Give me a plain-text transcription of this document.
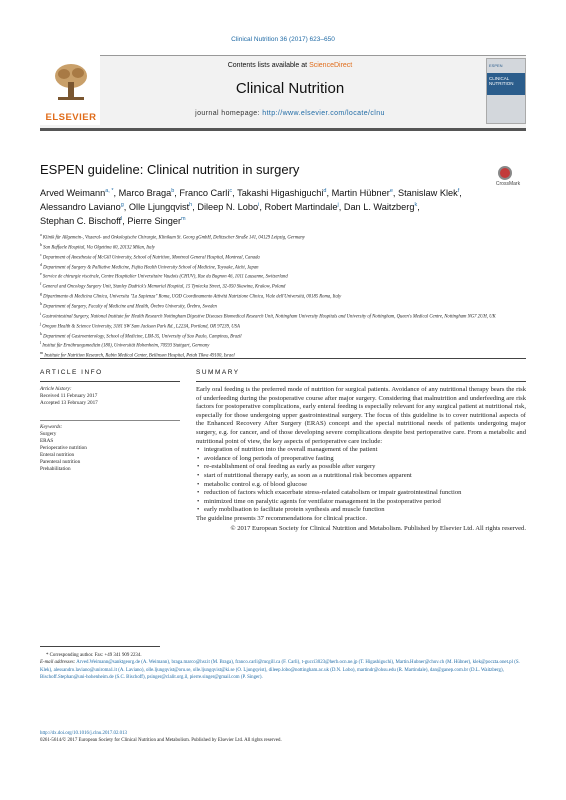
Clinical Nutrition 36 (2017) 623–650
ELSEVIER
Contents lists available at ScienceDirect
Clinical Nutrition
journal homepage: http://www.elsevier.com/locate/clnu
ESPEN
CLINICAL
NUTRITION
ESPEN guideline: Clinical nutrition in surgery
CrossMark
Arved Weimann$^{a, *}$, Marco Braga$^b$, Franco Carli$^c$, Takashi Higashiguchi$^d$, Martin Hübner$^e$, Stanislaw Klek$^f$, Alessandro Laviano$^g$, Olle Ljungqvist$^h$, Dileep N. Lobo$^i$, Robert Martindale$^j$, Dan L. Waitzberg$^k$, Stephan C. Bischoff$^l$, Pierre Singer$^m$
$^a$ Klinik für Allgemein-, Viszeral- und Onkologische Chirurgie, Klinikum St. Georg gGmbH, Delitzscher Straße 141, 04129 Leipzig, Germany
$^b$ San Raffaele Hospital, Via Olgettina 60, 20132 Milan, Italy
$^c$ Department of Anesthesia of McGill University, School of Nutrition, Montreal General Hospital, Montreal, Canada
$^d$ Department of Surgery & Palliative Medicine, Fujita Health University School of Medicine, Toyoake, Aichi, Japan
$^e$ Service de chirurgie viscérale, Centre Hospitalier Universitaire Vaudois (CHUV), Rue du Bugnon 46, 1011 Lausanne, Switzerland
$^f$ General and Oncology Surgery Unit, Stanley Dudrick's Memorial Hospital, 15 Tyniecka Street, 32-050 Skawina, Krakow, Poland
$^g$ Dipartimento di Medicina Clinica, Universita "La Sapienza" Roma, UOD Coordinamento Attività Nutrizione Clinica, Viale dell'Università, 00185 Roma, Italy
$^h$ Department of Surgery, Faculty of Medicine and Health, Örebro University, Örebro, Sweden
$^i$ Gastrointestinal Surgery, National Institute for Health Research Nottingham Digestive Diseases Biomedical Research Unit, Nottingham University Hospitals and University of Nottingham, Queen's Medical Centre, Nottingham NG7 2UH, UK
$^j$ Oregon Health & Science University, 3181 SW Sam Jackson Park Rd., L223A, Portland, OR 97239, USA
$^k$ Department of Gastroenterology, School of Medicine, LIM-35, University of Sao Paulo, Campinas, Brazil
$^l$ Institut für Ernährungsmedizin (180), Universität Hohenheim, 70593 Stuttgart, Germany
$^m$ Institute for Nutrition Research, Rabin Medical Center, Beilinson Hospital, Petah Tikva 49100, Israel
ARTICLE INFO	SUMMARY
Article history:
Received 11 February 2017
Accepted 13 February 2017
Keywords:
Surgery
ERAS
Perioperative nutrition
Enteral nutrition
Parenteral nutrition
Prehabilitation

Early oral feeding is the preferred mode of nutrition for surgical patients. Avoidance of any nutritional therapy bears the risk of underfeeding during the postoperative course after major surgery. Considering that malnutrition and underfeeding are risk factors for postoperative complications, early enteral feeding is especially relevant for any surgical patient at nutritional risk, especially for those undergoing upper gastrointestinal surgery. The focus of this guideline is to cover nutritional aspects of the Enhanced Recovery After Surgery (ERAS) concept and the special nutritional needs of patients undergoing major surgery, e.g. for cancer, and of those developing severe complications despite best perioperative care. From a metabolic and nutritional point of view, the key aspects of perioperative care include:

• integration of nutrition into the overall management of the patient
• avoidance of long periods of preoperative fasting
• re-establishment of oral feeding as early as possible after surgery
• start of nutritional therapy early, as soon as a nutritional risk becomes apparent
• metabolic control e.g. of blood glucose
• reduction of factors which exacerbate stress-related catabolism or impair gastrointestinal function
• minimized time on paralytic agents for ventilator management in the postoperative period
• early mobilisation to facilitate protein synthesis and muscle function

The guideline presents 37 recommendations for clinical practice.

© 2017 European Society for Clinical Nutrition and Metabolism. Published by Elsevier Ltd. All rights reserved.

* Corresponding author. Fax: +49 341 909 2234.
E-mail addresses: Arved.Weimann@sanktgeorg.de (A. Weimann), braga.marco@hsr.it (M. Braga), franco.carli@mcgill.ca (F. Carli), t-gucci3023@herb.ocn.ne.jp (T. Higashiguchi), Martin.Hubner@chuv.ch (M. Hübner), klek@poczta.onet.pl (S. Klek), alessandro.laviano@uniroma1.it (A. Laviano), olle.ljungqvist@oru.se, olle.ljungqvist@ki.se (O. Ljungqvist), dileep.lobo@nottingham.ac.uk (D.N. Lobo), martindr@ohsu.edu (R. Martindale), dan@ganep.com.br (D.L. Waitzberg), Bischoff.Stephan@uni-hohenheim.de (S.C. Bischoff), psinger@clalit.org.il, pierre.singer@gmail.com (P. Singer).
http://dx.doi.org/10.1016/j.clnu.2017.02.013
0261-5614/© 2017 European Society for Clinical Nutrition and Metabolism. Published by Elsevier Ltd. All rights reserved.
